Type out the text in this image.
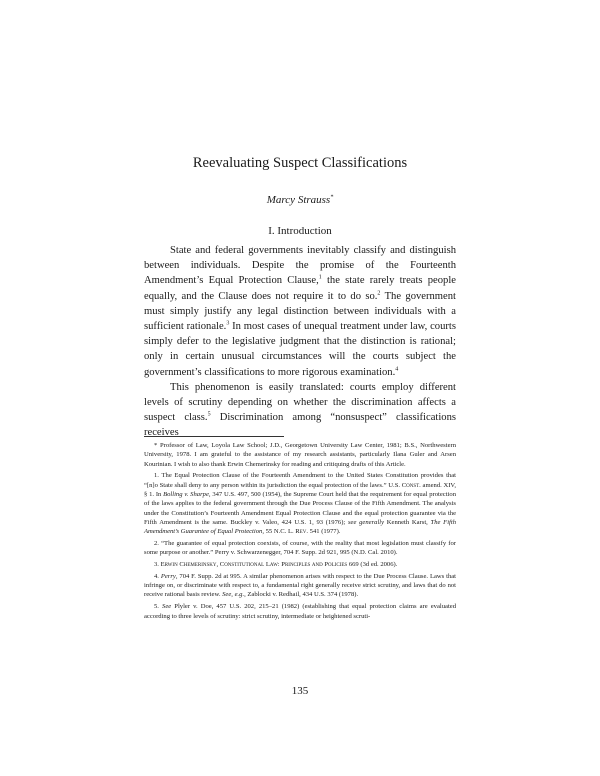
Reevaluating Suspect Classifications
Marcy Strauss*
I. Introduction

State and federal governments inevitably classify and distinguish between individuals. Despite the promise of the Fourteenth Amendment’s Equal Protection Clause,$^1$ the state rarely treats people equally, and the Clause does not require it to do so.$^2$ The government must simply justify any legal distinction between individuals with a sufficient rationale.$^3$ In most cases of unequal treatment under law, courts simply defer to the legislative judgment that the distinction is rational; only in certain unusual circumstances will the courts subject the government’s classifications to more rigorous examination.$^4$

This phenomenon is easily translated: courts employ different levels of scrutiny depending on whether the discrimination affects a suspect class.$^5$ Discrimination among “nonsuspect” classifications receives

* Professor of Law, Loyola Law School; J.D., Georgetown University Law Center, 1981; B.S., Northwestern University, 1978. I am grateful to the assistance of my research assistants, particularly Ilana Guler and Arsen Kourinian. I wish to also thank Erwin Chemerinsky for reading and critiquing drafts of this Article.

1. The Equal Protection Clause of the Fourteenth Amendment to the United States Constitution provides that “[n]o State shall deny to any person within its jurisdiction the equal protection of the laws.” U.S. Const. amend. XIV, § 1. In Bolling v. Sharpe, 347 U.S. 497, 500 (1954), the Supreme Court held that the requirement for equal protection of the laws applies to the federal government through the Due Process Clause of the Fifth Amendment. The analysis under the Constitution’s Fourteenth Amendment Equal Protection Clause and the equal protection guarantee via the Fifth Amendment is the same. Buckley v. Valeo, 424 U.S. 1, 93 (1976); see generally Kenneth Karst, The Fifth Amendment’s Guarantee of Equal Protection, 55 N.C. L. Rev. 541 (1977).

2. “The guarantee of equal protection coexists, of course, with the reality that most legislation must classify for some purpose or another.” Perry v. Schwarzenegger, 704 F. Supp. 2d 921, 995 (N.D. Cal. 2010).

3. Erwin Chemerinsky, Constitutional Law: Principles and Policies 669 (3d ed. 2006).

4. Perry, 704 F. Supp. 2d at 995. A similar phenomenon arises with respect to the Due Process Clause. Laws that infringe on, or discriminate with respect to, a fundamental right generally receive strict scrutiny, and laws that do not receive rational basis review. See, e.g., Zablocki v. Redhail, 434 U.S. 374 (1978).

5. See Plyler v. Doe, 457 U.S. 202, 215–21 (1982) (establishing that equal protection claims are evaluated according to three levels of scrutiny: strict scrutiny, intermediate or heightened scruti-

135
